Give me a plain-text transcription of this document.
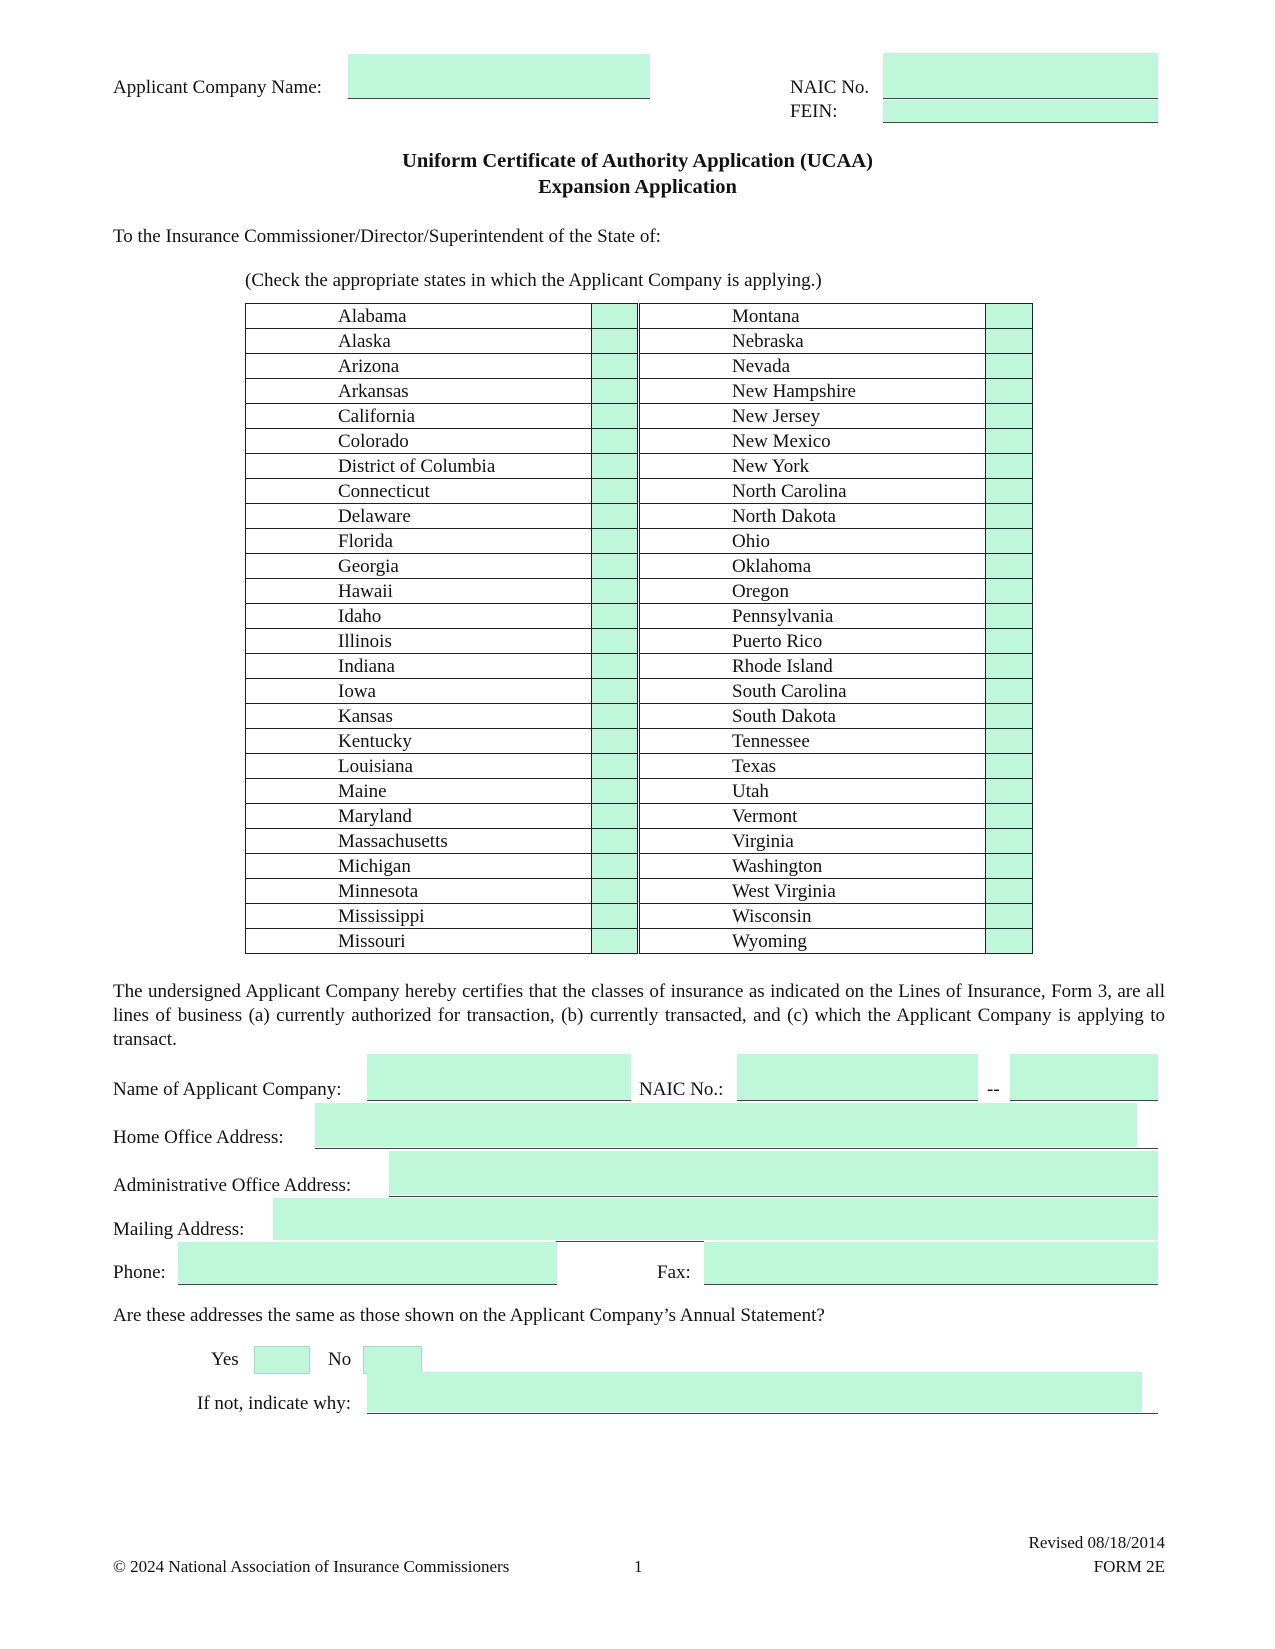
Applicant Company Name:	NAIC No.
FEIN:
Uniform Certificate of Authority Application (UCAA)
Expansion Application
To the Insurance Commissioner/Director/Superintendent of the State of:
(Check the appropriate states in which the Applicant Company is applying.)
Alabama			Montana	
Alaska			Nebraska	
Arizona			Nevada	
Arkansas			New Hampshire	
California			New Jersey	
Colorado			New Mexico	
District of Columbia			New York	
Connecticut			North Carolina	
Delaware			North Dakota	
Florida			Ohio	
Georgia			Oklahoma	
Hawaii			Oregon	
Idaho			Pennsylvania	
Illinois			Puerto Rico	
Indiana			Rhode Island	
Iowa			South Carolina	
Kansas			South Dakota	
Kentucky			Tennessee	
Louisiana			Texas	
Maine			Utah	
Maryland			Vermont	
Massachusetts			Virginia	
Michigan			Washington	
Minnesota			West Virginia	
Mississippi			Wisconsin	
Missouri			Wyoming	
The undersigned Applicant Company hereby certifies that the classes of insurance as indicated on the Lines of Insurance, Form 3, are all lines of business (a) currently authorized for transaction, (b) currently transacted, and (c) which the Applicant Company is applying to transact.
Name of Applicant Company:	NAIC No.:	--
Home Office Address:
Administrative Office Address:
Mailing Address:
Phone:	Fax:
Are these addresses the same as those shown on the Applicant Company’s Annual Statement?
Yes	No
If not, indicate why:
© 2024 National Association of Insurance Commissioners	1
Revised 08/18/2014
FORM 2E
